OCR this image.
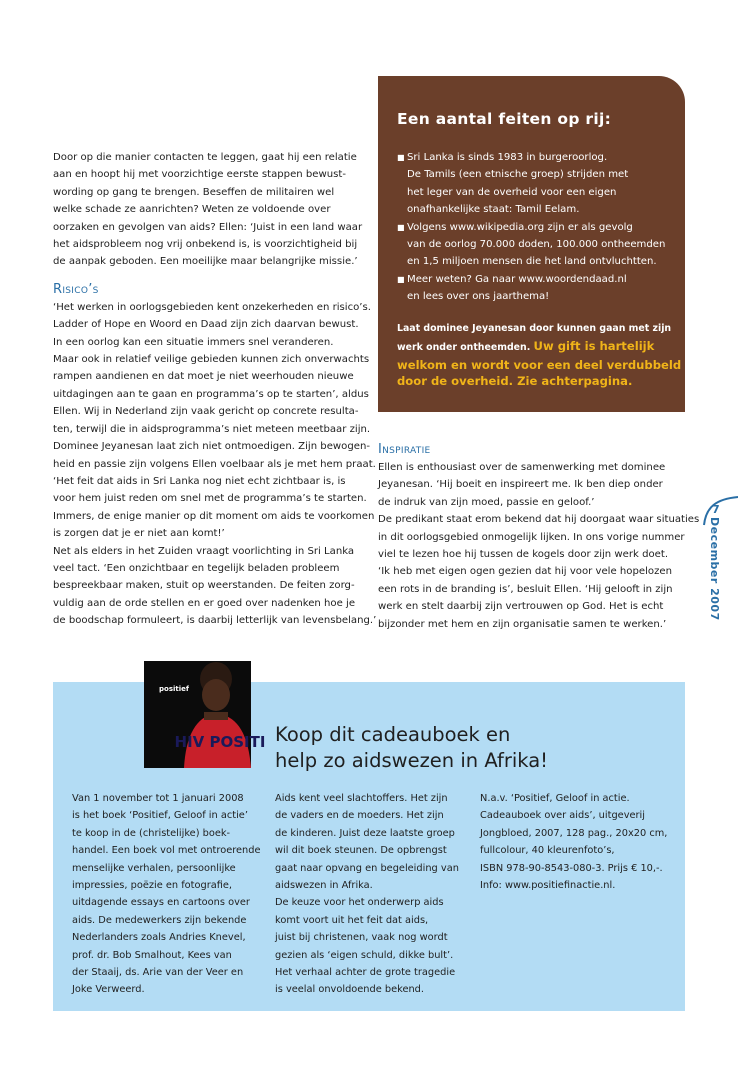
Door op die manier contacten te leggen, gaat hij een relatie
aan en hoopt hij met voorzichtige eerste stappen bewust-
wording op gang te brengen. Beseffen de militairen wel
welke schade ze aanrichten? Weten ze voldoende over
oorzaken en gevolgen van aids? Ellen: ‘Juist in een land waar
het aidsprobleem nog vrij onbekend is, is voorzichtigheid bij
de aanpak geboden. Een moeilijke maar belangrijke missie.’
Risico’s
‘Het werken in oorlogsgebieden kent onzekerheden en risico’s.
Ladder of Hope en Woord en Daad zijn zich daarvan bewust.
In een oorlog kan een situatie immers snel veranderen.
Maar ook in relatief veilige gebieden kunnen zich onverwachts
rampen aandienen en dat moet je niet weerhouden nieuwe
uitdagingen aan te gaan en programma’s op te starten’, aldus
Ellen. Wij in Nederland zijn vaak gericht op concrete resulta-
ten, terwijl die in aidsprogramma’s niet meteen meetbaar zijn.
Dominee Jeyanesan laat zich niet ontmoedigen. Zijn bewogen-
heid en passie zijn volgens Ellen voelbaar als je met hem praat.
‘Het feit dat aids in Sri Lanka nog niet echt zichtbaar is, is
voor hem juist reden om snel met de programma’s te starten.
Immers, de enige manier op dit moment om aids te voorkomen
is zorgen dat je er niet aan komt!’
Net als elders in het Zuiden vraagt voorlichting in Sri Lanka
veel tact. ‘Een onzichtbaar en tegelijk beladen probleem
bespreekbaar maken, stuit op weerstanden. De feiten zorg-
vuldig aan de orde stellen en er goed over nadenken hoe je
de boodschap formuleert, is daarbij letterlijk van levensbelang.’
Een aantal feiten op rij:
■ Sri Lanka is sinds 1983 in burgeroorlog.
De Tamils (een etnische groep) strijden met
het leger van de overheid voor een eigen
onafhankelijke staat: Tamil Eelam.
■ Volgens www.wikipedia.org zijn er als gevolg
van de oorlog 70.000 doden, 100.000 ontheemden
en 1,5 miljoen mensen die het land ontvluchtten.
■ Meer weten? Ga naar www.woordendaad.nl
en lees over ons jaarthema!
Laat dominee Jeyanesan door kunnen gaan met zijn
werk onder ontheemden. Uw gift is hartelijk
welkom en wordt voor een deel verdubbeld
door de overheid. Zie achterpagina.
Inspiratie
Ellen is enthousiast over de samenwerking met dominee
Jeyanesan. ‘Hij boeit en inspireert me. Ik ben diep onder
de indruk van zijn moed, passie en geloof.’
De predikant staat erom bekend dat hij doorgaat waar situaties
in dit oorlogsgebied onmogelijk lijken. In ons vorige nummer
viel te lezen hoe hij tussen de kogels door zijn werk doet.
‘Ik heb met eigen ogen gezien dat hij voor vele hopelozen
een rots in de branding is’, besluit Ellen. ‘Hij gelooft in zijn
werk en stelt daarbij zijn vertrouwen op God. Het is echt
bijzonder met hem en zijn organisatie samen te werken.’
7
December 2007
HIV POSITI
positief
Koop dit cadeauboek en
help zo aidswezen in Afrika!
Van 1 november tot 1 januari 2008
is het boek ‘Positief, Geloof in actie’
te koop in de (christelijke) boek-
handel. Een boek vol met ontroerende
menselijke verhalen, persoonlijke
impressies, poëzie en fotografie,
uitdagende essays en cartoons over
aids. De medewerkers zijn bekende
Nederlanders zoals Andries Knevel,
prof. dr. Bob Smalhout, Kees van
der Staaij, ds. Arie van der Veer en
Joke Verweerd.
Aids kent veel slachtoffers. Het zijn
de vaders en de moeders. Het zijn
de kinderen. Juist deze laatste groep
wil dit boek steunen. De opbrengst
gaat naar opvang en begeleiding van
aidswezen in Afrika.
De keuze voor het onderwerp aids
komt voort uit het feit dat aids,
juist bij christenen, vaak nog wordt
gezien als ‘eigen schuld, dikke bult’.
Het verhaal achter de grote tragedie
is veelal onvoldoende bekend.
N.a.v. ‘Positief, Geloof in actie.
Cadeauboek over aids’, uitgeverij
Jongbloed, 2007, 128 pag., 20x20 cm,
fullcolour, 40 kleurenfoto’s,
ISBN 978-90-8543-080-3. Prijs € 10,-.
Info: www.positiefinactie.nl.
